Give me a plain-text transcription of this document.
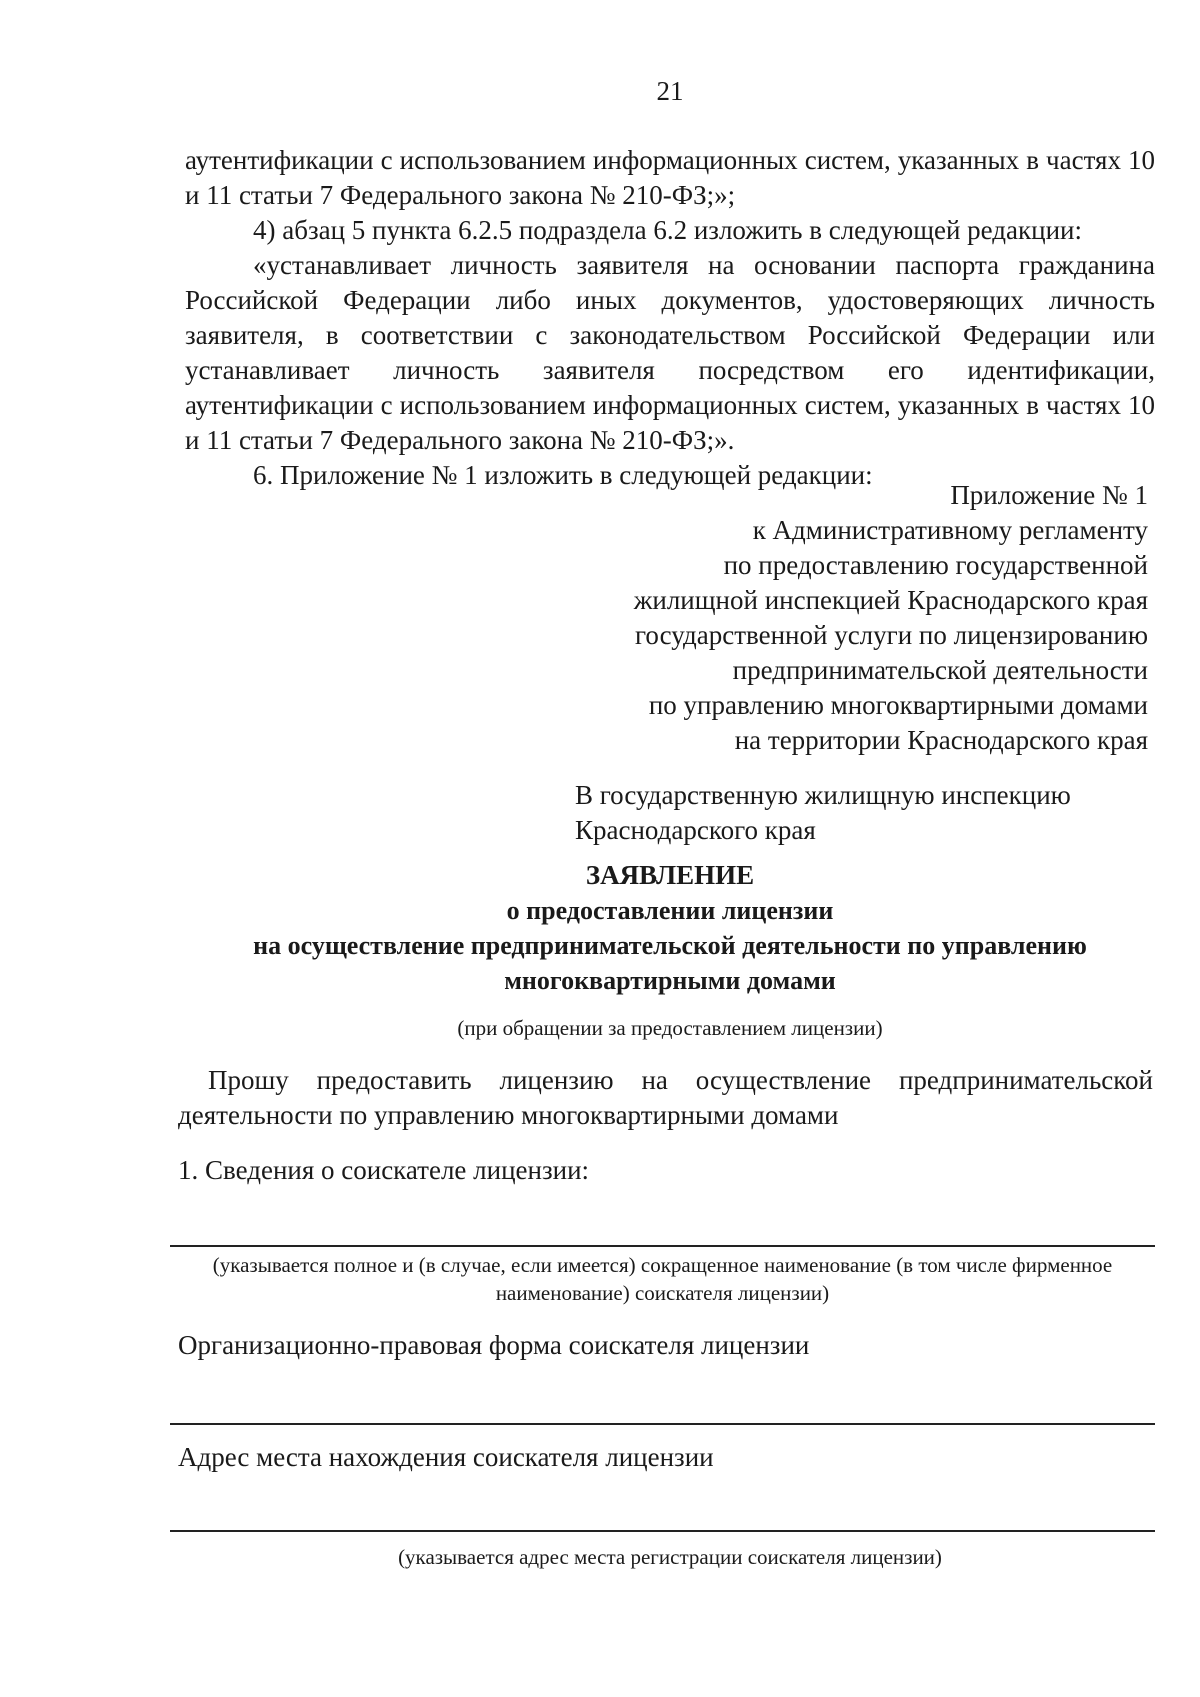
21

аутентификации с использованием информационных систем, указанных в частях 10 и 11 статьи 7 Федерального закона № 210-ФЗ;»;

4) абзац 5 пункта 6.2.5 подраздела 6.2 изложить в следующей редакции:

«устанавливает личность заявителя на основании паспорта гражданина Российской Федерации либо иных документов, удостоверяющих личность заявителя, в соответствии с законодательством Российской Федерации или устанавливает личность заявителя посредством его идентификации, аутентификации с использованием информационных систем, указанных в частях 10 и 11 статьи 7 Федерального закона № 210-ФЗ;».

6. Приложение № 1 изложить в следующей редакции:

Приложение № 1
к Административному регламенту
по предоставлению государственной
жилищной инспекцией Краснодарского края
государственной услуги по лицензированию
предпринимательской деятельности
по управлению многоквартирными домами
на территории Краснодарского края
В государственную жилищную инспекцию
Краснодарского края
ЗАЯВЛЕНИЕ
о предоставлении лицензии
на осуществление предпринимательской деятельности по управлению
многоквартирными домами
(при обращении за предоставлением лицензии)

Прошу предоставить лицензию на осуществление предпринимательской деятельности по управлению многоквартирными домами

1. Сведения о соискателе лицензии:
(указывается полное и (в случае, если имеется) сокращенное наименование (в том числе фирменное наименование) соискателя лицензии)
Организационно-правовая форма соискателя лицензии
Адрес места нахождения соискателя лицензии
(указывается адрес места регистрации соискателя лицензии)
